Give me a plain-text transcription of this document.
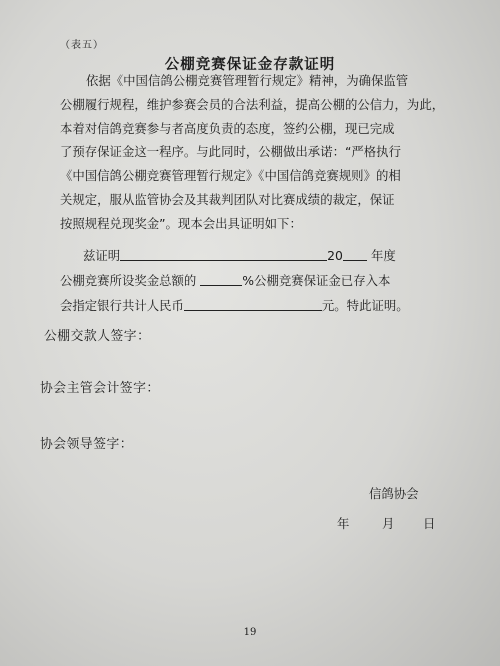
（表五）
公棚竞赛保证金存款证明
依据《中国信鸽公棚竞赛管理暂行规定》精神，为确保监管
公棚履行规程，维护参赛会员的合法利益，提高公棚的公信力，为此，
本着对信鸽竞赛参与者高度负责的态度，签约公棚，现已完成
了预存保证金这一程序。与此同时，公棚做出承诺：“严格执行
《中国信鸽公棚竞赛管理暂行规定》《中国信鸽竞赛规则》的相
关规定，服从监管协会及其裁判团队对比赛成绩的裁定，保证
按照规程兑现奖金”。现本会出具证明如下：
兹证明	20 年度
公棚竞赛所设奖金总额的	%公棚竞赛保证金已存入本
会指定银行共计人民币	元。特此证明。
公棚交款人签字：
协会主管会计签字：
协会领导签字：
信鸽协会
年	月 日
19
